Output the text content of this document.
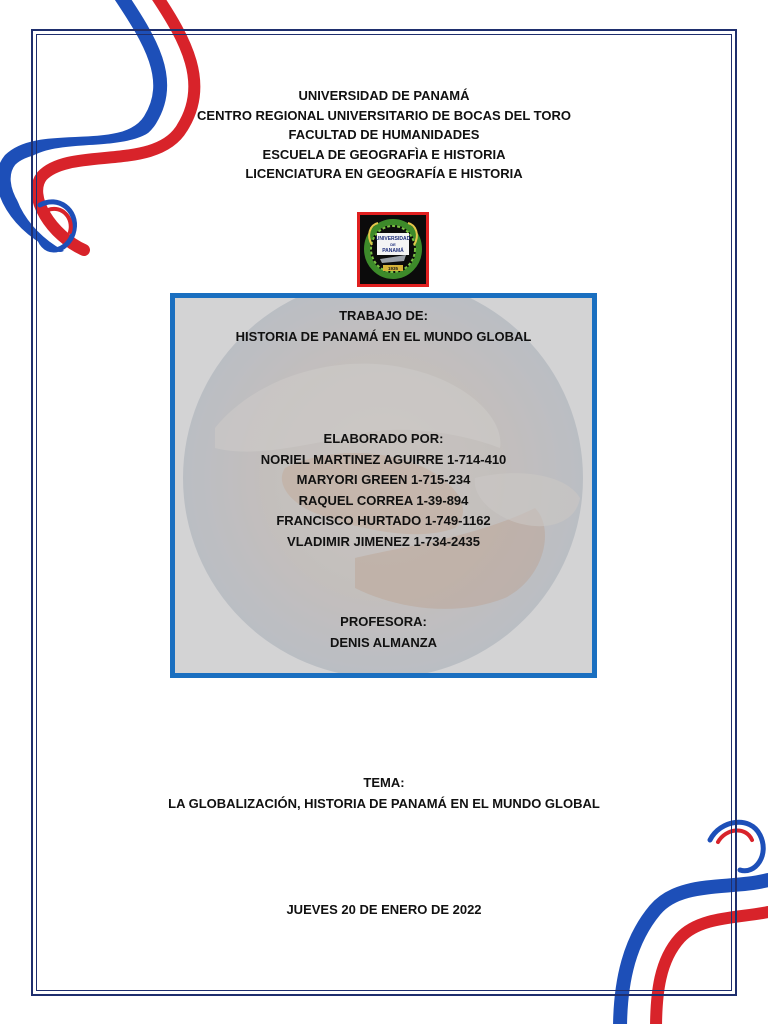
UNIVERSIDAD DE PANAMÁ
CENTRO REGIONAL UNIVERSITARIO DE BOCAS DEL TORO
FACULTAD DE HUMANIDADES
ESCUELA DE GEOGRAFÌA E HISTORIA
LICENCIATURA EN GEOGRAFÍA E HISTORIA
UNIVERSIDAD
DE
PANAMÁ
1935
TRABAJO DE:
HISTORIA DE PANAMÁ EN EL MUNDO GLOBAL
ELABORADO POR:
NORIEL MARTINEZ AGUIRRE 1-714-410
MARYORI GREEN 1-715-234
RAQUEL CORREA 1-39-894
FRANCISCO HURTADO 1-749-1162
VLADIMIR JIMENEZ 1-734-2435
PROFESORA:
DENIS ALMANZA
TEMA:
LA GLOBALIZACIÓN, HISTORIA DE PANAMÁ EN EL MUNDO GLOBAL
JUEVES 20 DE ENERO DE 2022
